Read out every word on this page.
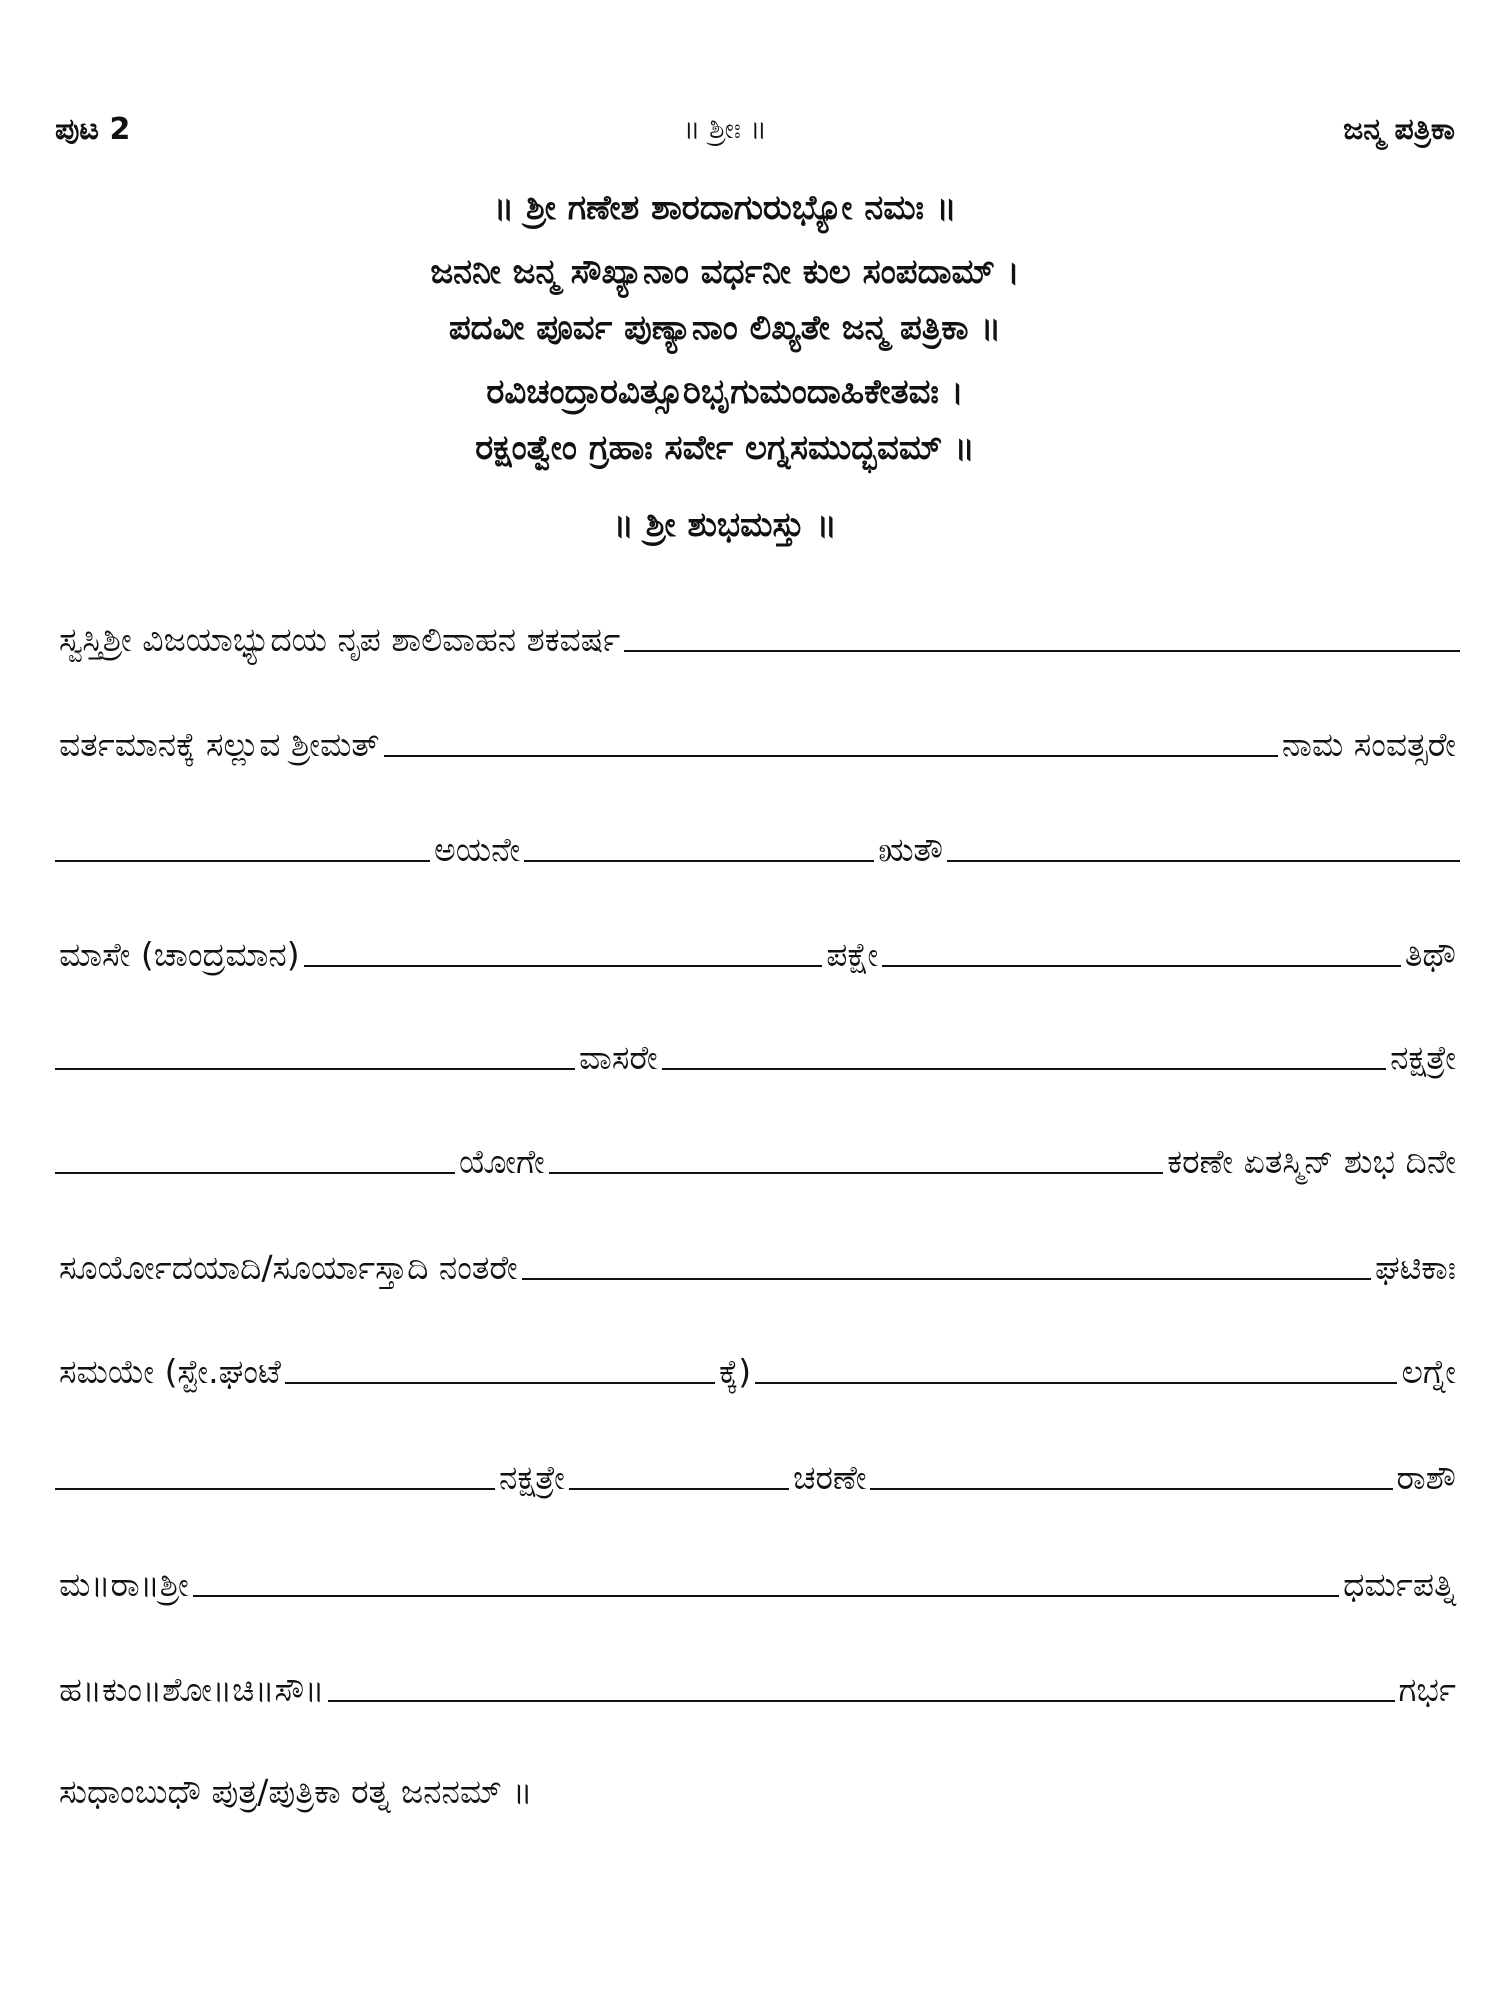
ಪುಟ 2	॥ ಶ್ರೀಃ ॥	ಜನ್ಮ ಪತ್ರಿಕಾ
॥ ಶ್ರೀ ಗಣೇಶ ಶಾರದಾಗುರುಭ್ಯೋ ನಮಃ ॥
ಜನನೀ ಜನ್ಮ ಸೌಖ್ಯಾನಾಂ ವರ್ಧನೀ ಕುಲ ಸಂಪದಾಮ್ ।
ಪದವೀ ಪೂರ್ವ ಪುಣ್ಯಾನಾಂ ಲಿಖ್ಯತೇ ಜನ್ಮ ಪತ್ರಿಕಾ ॥
ರವಿಚಂದ್ರಾರವಿತ್ಸೂರಿಭೃಗುಮಂದಾಹಿಕೇತವಃ ।
ರಕ್ಷಂತ್ವೇಂ ಗ್ರಹಾಃ ಸರ್ವೇ ಲಗ್ನಸಮುದ್ಭವಮ್ ॥
॥ ಶ್ರೀ ಶುಭಮಸ್ತು ॥
ಸ್ವಸ್ತಿಶ್ರೀ ವಿಜಯಾಭ್ಯುದಯ ನೃಪ ಶಾಲಿವಾಹನ ಶಕವರ್ಷ
ವರ್ತಮಾನಕ್ಕೆ ಸಲ್ಲುವ ಶ್ರೀಮತ್	ನಾಮ ಸಂವತ್ಸರೇ
ಅಯನೇ	ಋತೌ
ಮಾಸೇ (ಚಾಂದ್ರಮಾನ)	ಪಕ್ಷೇ	ತಿಥೌ
ವಾಸರೇ	ನಕ್ಷತ್ರೇ
ಯೋಗೇ	ಕರಣೇ ಏತಸ್ಮಿನ್ ಶುಭ ದಿನೇ
ಸೂರ್ಯೋದಯಾದಿ/ಸೂರ್ಯಾಸ್ತಾದಿ ನಂತರೇ	ಘಟಿಕಾಃ
ಸಮಯೇ (ಸ್ಟೇ.ಘಂಟೆ	ಕ್ಕೆ)	ಲಗ್ನೇ
ನಕ್ಷತ್ರೇ	ಚರಣೇ	ರಾಶೌ
ಮ॥ರಾ॥ಶ್ರೀ	ಧರ್ಮಪತ್ನಿ
ಹ॥ಕುಂ॥ಶೋ॥ಚಿ॥ಸೌ॥	ಗರ್ಭ
ಸುಧಾಂಬುಧೌ ಪುತ್ರ/ಪುತ್ರಿಕಾ ರತ್ನ ಜನನಮ್ ॥
